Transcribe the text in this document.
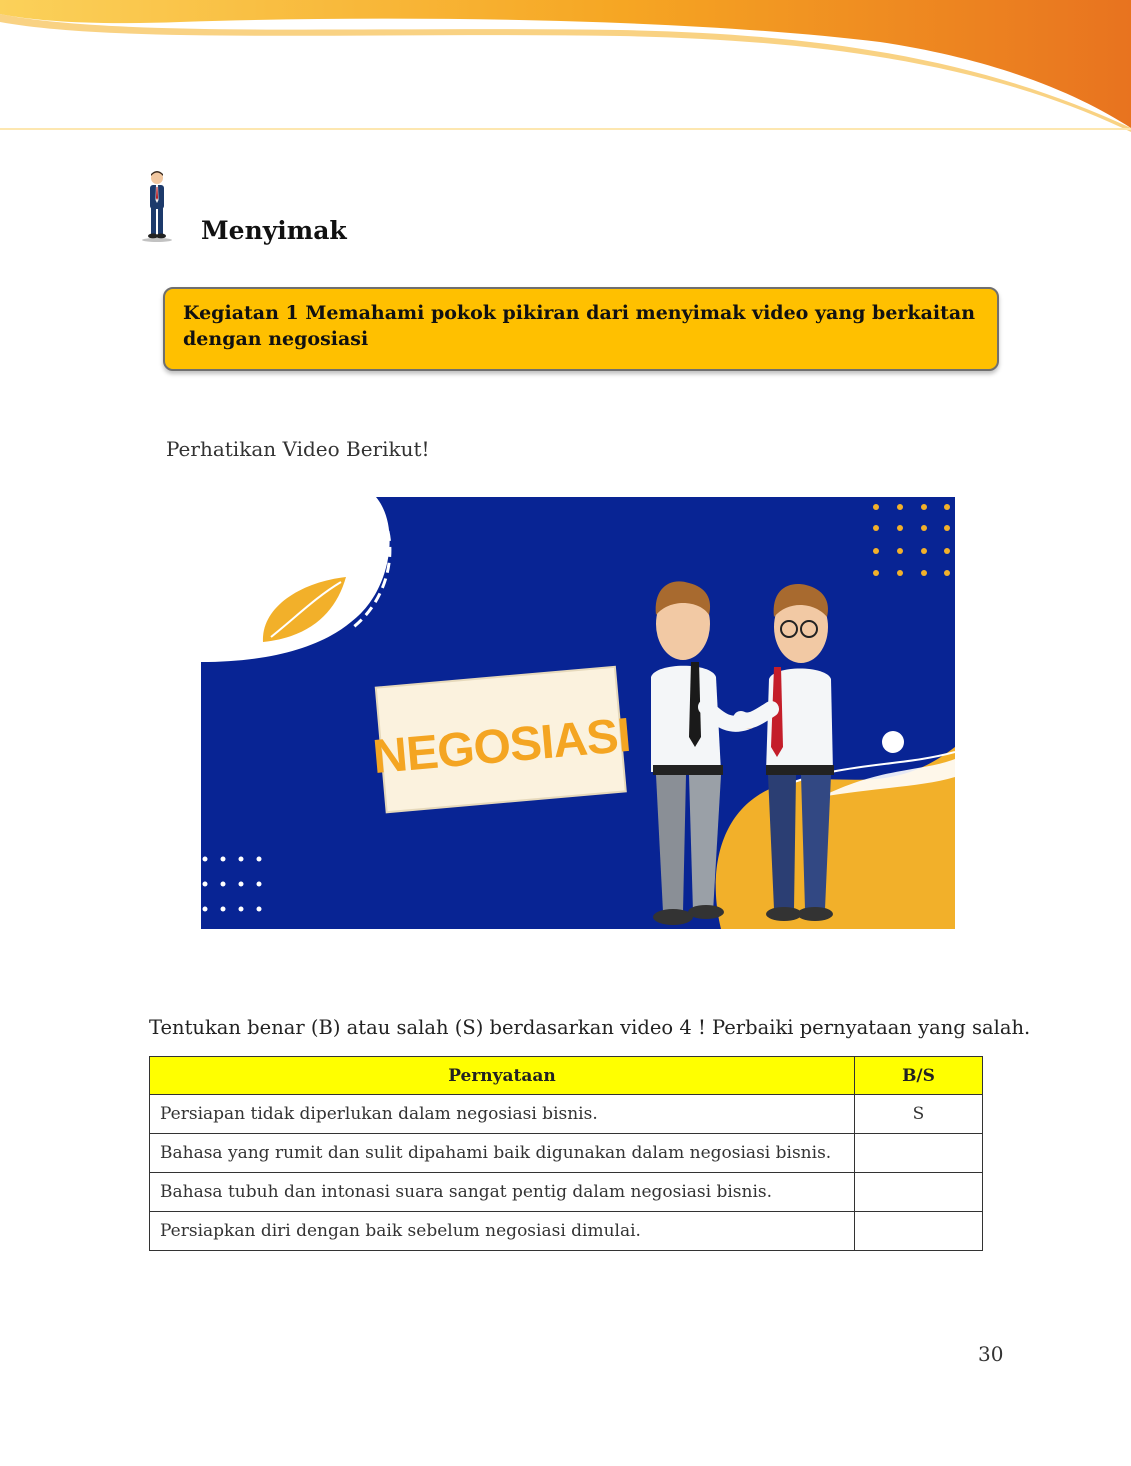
Menyimak
Kegiatan 1 Memahami pokok pikiran dari menyimak video yang berkaitan dengan negosiasi
Perhatikan Video Berikut!
NEGOSIASI
Tentukan benar (B) atau salah (S) berdasarkan video 4 ! Perbaiki pernyataan yang salah.
Pernyataan	B/S
Persiapan tidak diperlukan dalam negosiasi bisnis.	S
Bahasa yang rumit dan sulit dipahami baik digunakan dalam negosiasi bisnis.	
Bahasa tubuh dan intonasi suara sangat pentig dalam negosiasi bisnis.	
Persiapkan diri dengan baik sebelum negosiasi dimulai.	
30
